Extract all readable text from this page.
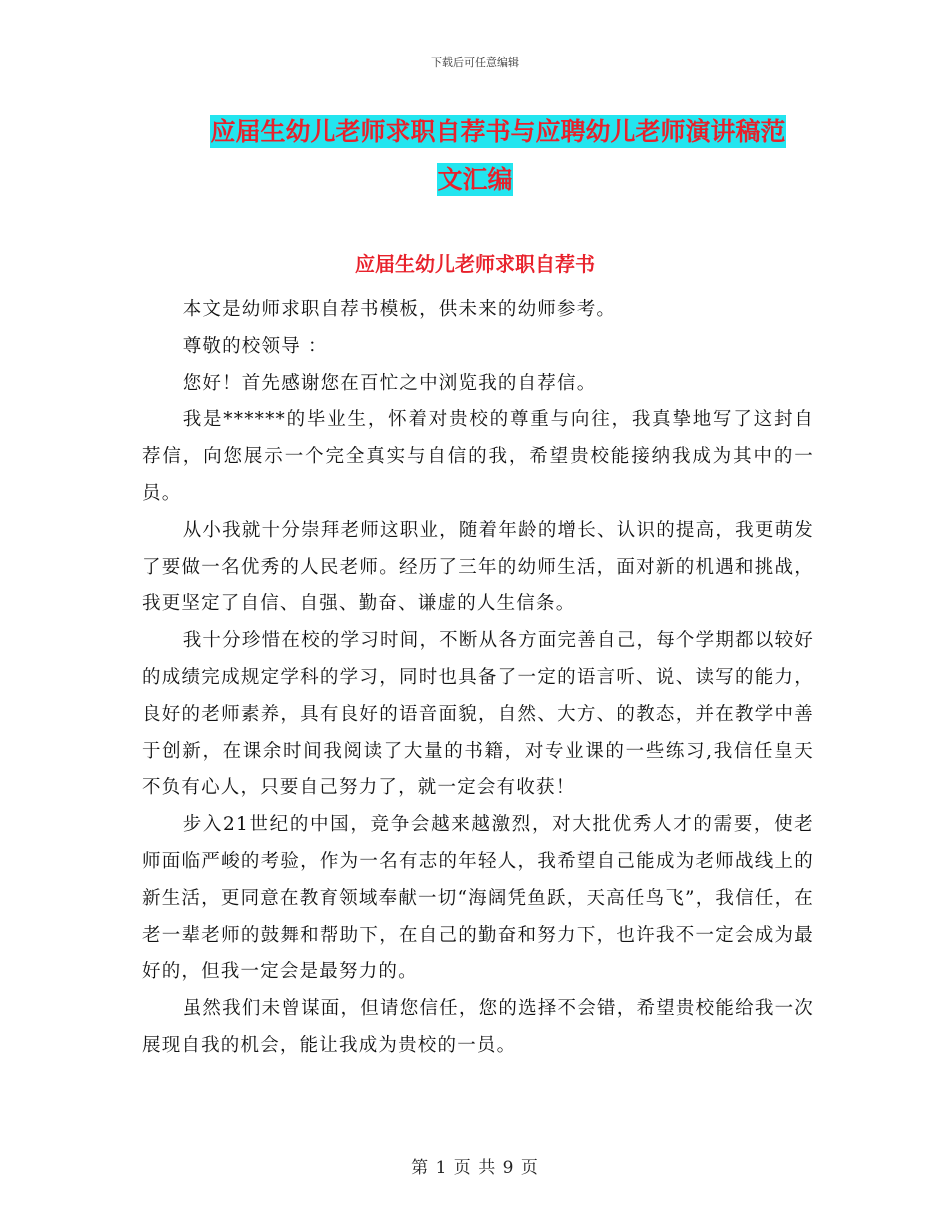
下载后可任意编辑
应届生幼儿老师求职自荐书与应聘幼儿老师演讲稿范
文汇编
应届生幼儿老师求职自荐书

本文是幼师求职自荐书模板，供未来的幼师参考。

尊敬的校领导 ：

您好！首先感谢您在百忙之中浏览我的自荐信。

我是******的毕业生，怀着对贵校的尊重与向往，我真挚地写了这封自荐信，向您展示一个完全真实与自信的我，希望贵校能接纳我成为其中的一员。

从小我就十分崇拜老师这职业，随着年龄的增长、认识的提高，我更萌发了要做一名优秀的人民老师。经历了三年的幼师生活，面对新的机遇和挑战，我更坚定了自信、自强、勤奋、谦虚的人生信条。

我十分珍惜在校的学习时间，不断从各方面完善自己，每个学期都以较好的成绩完成规定学科的学习，同时也具备了一定的语言听、说、读写的能力，良好的老师素养，具有良好的语音面貌，自然、大方、的教态，并在教学中善于创新，在课余时间我阅读了大量的书籍，对专业课的一些练习,我信任皇天不负有心人，只要自己努力了，就一定会有收获！

步入21世纪的中国，竞争会越来越激烈，对大批优秀人才的需要，使老师面临严峻的考验，作为一名有志的年轻人，我希望自己能成为老师战线上的新生活，更同意在教育领域奉献一切“海阔凭鱼跃，天高任鸟飞”，我信任，在老一辈老师的鼓舞和帮助下，在自己的勤奋和努力下，也许我不一定会成为最好的，但我一定会是最努力的。

虽然我们未曾谋面，但请您信任，您的选择不会错，希望贵校能给我一次展现自我的机会，能让我成为贵校的一员。

第 1 页 共 9 页
